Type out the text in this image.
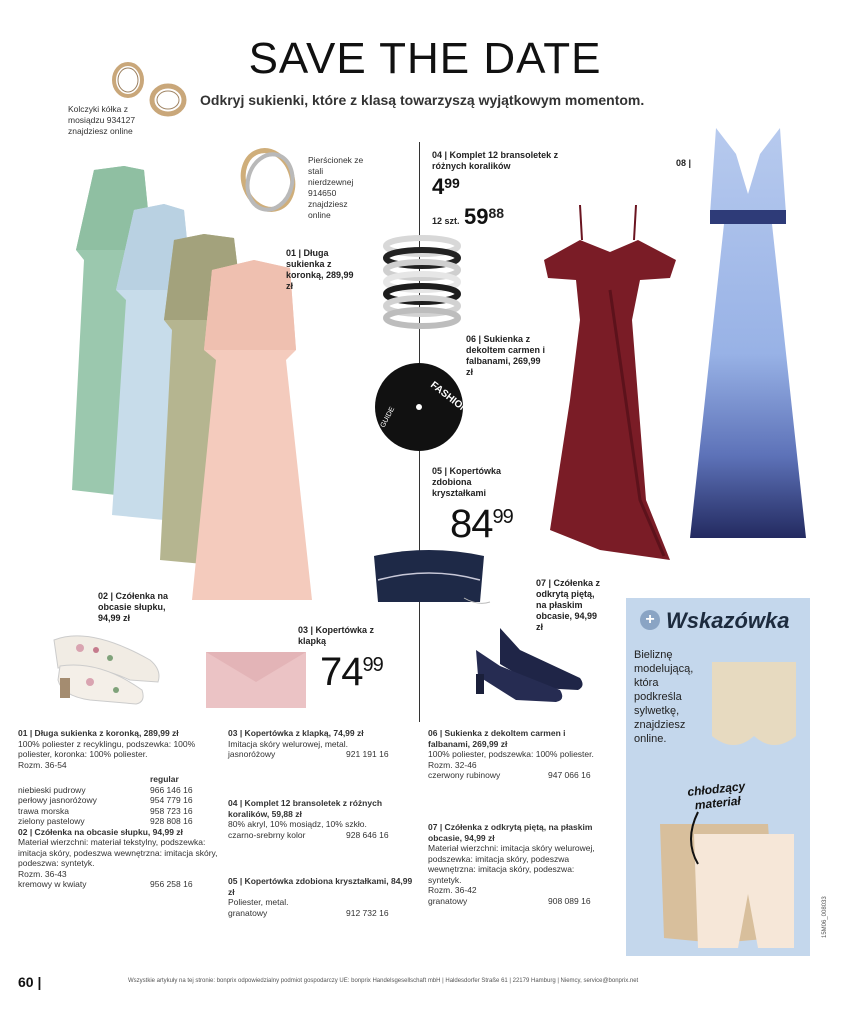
SAVE THE DATE
Odkryj sukienki, które z klasą towarzyszą wyjątkowym momentom.
Kolczyki kółka z mosiądzu 934127 znajdziesz online
Pierścionek ze stali nierdzewnej 914650 znajdziesz online
01 | Długa sukienka z koronką, 289,99 zł
04 | Komplet 12 bransoletek z różnych koralików
$4^{99}$
12 szt. 5988
FASHION
GUIDE
06 | Sukienka z dekoltem carmen i falbanami, 269,99 zł
08 |
05 | Kopertówka zdobiona kryształkami
$84^{99}$
02 | Czółenka na obcasie słupku, 94,99 zł
03 | Kopertówka z klapką
$74^{99}$
07 | Czółenka z odkrytą piętą, na płaskim obcasie, 94,99 zł	+ Wskazówka
Bieliznę modelującą, która podkreśla sylwetkę, znajdziesz online.
chłodzący materiał
01 | Długa sukienka z koronką, 289,99 zł
100% poliester z recyklingu, podszewka: 100% poliester, koronka: 100% poliester.
Rozm. 36-54
regular
niebieski pudrowy	966 146 16
perłowy jasnoróżowy	954 779 16
trawa morska	958 723 16
zielony pastelowy	928 808 16
02 | Czółenka na obcasie słupku, 94,99 zł
Materiał wierzchni: materiał tekstylny, podszewka: imitacja skóry, podeszwa wewnętrzna: imitacja skóry, podeszwa: syntetyk.
Rozm. 36-43
kremowy w kwiaty	956 258 16
03 | Kopertówka z klapką, 74,99 zł
Imitacja skóry welurowej, metal.
jasnoróżowy	921 191 16
04 | Komplet 12 bransoletek z różnych koralików, 59,88 zł
80% akryl, 10% mosiądz, 10% szkło.
czarno-srebrny kolor	928 646 16
05 | Kopertówka zdobiona kryształkami, 84,99 zł
Poliester, metal.
granatowy	912 732 16
06 | Sukienka z dekoltem carmen i falbanami, 269,99 zł
100% poliester, podszewka: 100% poliester.
Rozm. 32-46
czerwony rubinowy	947 066 16
07 | Czółenka z odkrytą piętą, na płaskim obcasie, 94,99 zł
Materiał wierzchni: imitacja skóry welurowej, podszewka: imitacja skóry, podeszwa wewnętrzna: imitacja skóry, podeszwa: syntetyk.
Rozm. 36-42
granatowy	908 089 16
60 |	Wszystkie artykuły na tej stronie: bonprix odpowiedzialny podmiot gospodarczy UE: bonprix Handelsgesellschaft mbH | Haldesdorfer Straße 61 | 22179 Hamburg | Niemcy, service@bonprix.net
15M06_008033
